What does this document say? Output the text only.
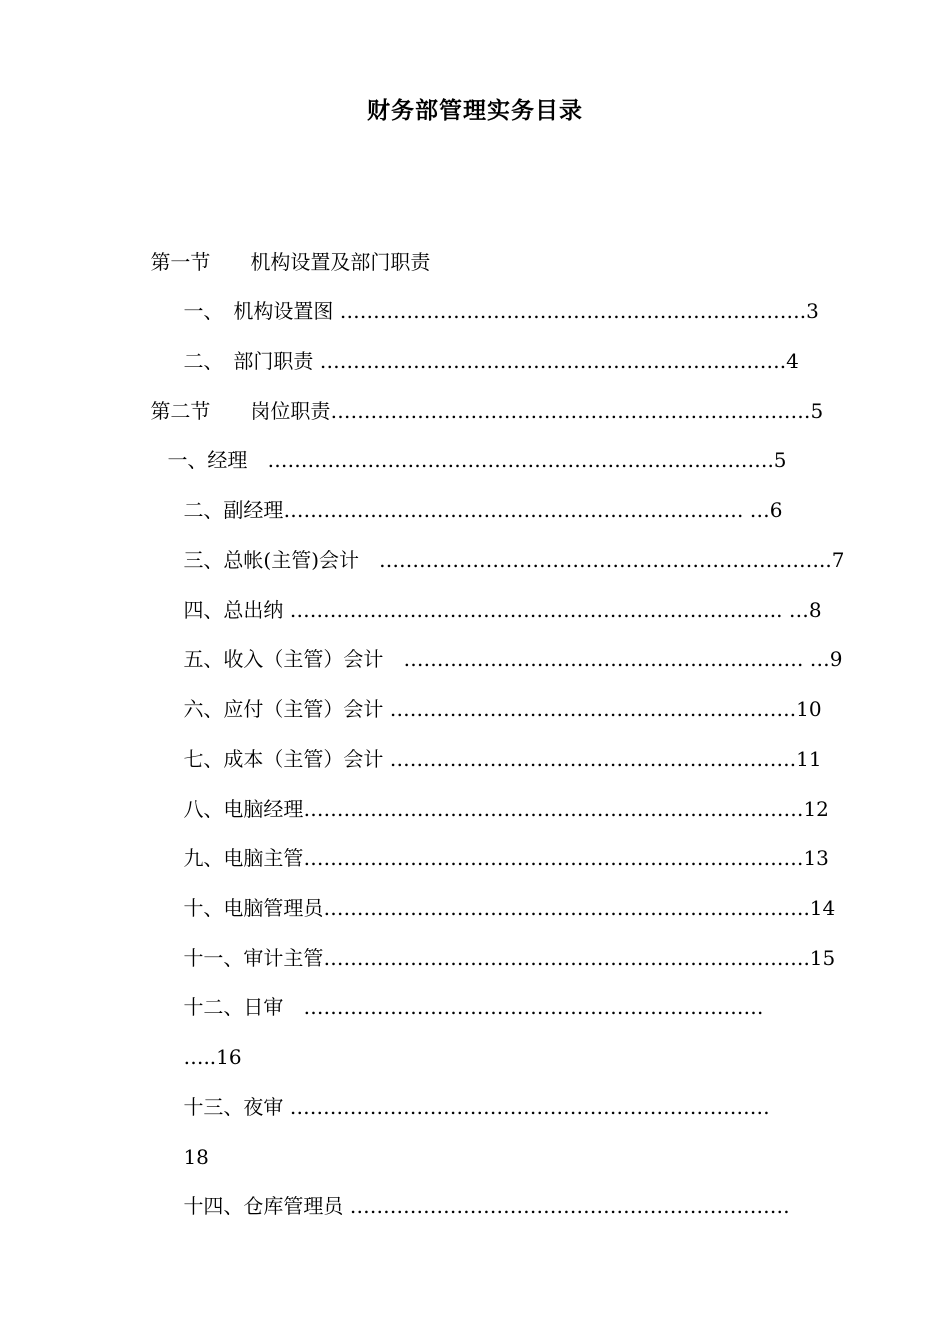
财务部管理实务目录

第一节　　机构设置及部门职责

一、　机构设置图 …………………………………………………………….3

二、　部门职责 …………………………………………………………….4

第二节　　岗位职责………………………………………………………………5

一、经理　………………………………………………………………….5

二、副经理…………………………………………………………… …6

三、总帐(主管)会计　…………………………………………………………..7

四、总出纳 ……………………………………………………………….. …8

五、收入（主管）会计　…………………………………………………… …9

六、应付（主管）会计 …………………………………………………….10

七、成本（主管）会计 …………………………………………………….11

八、电脑经理…………………………………………………………………12

九、电脑主管…………………………………………………………………13

十、电脑管理员……………………………………………………………….14

十一、审计主管……………………………………………………………….15

十二、日审　……………………………………………………………

…..16

十三、夜审 ………………………………………………………………

18

十四、仓库管理员 …………………………………………………………
